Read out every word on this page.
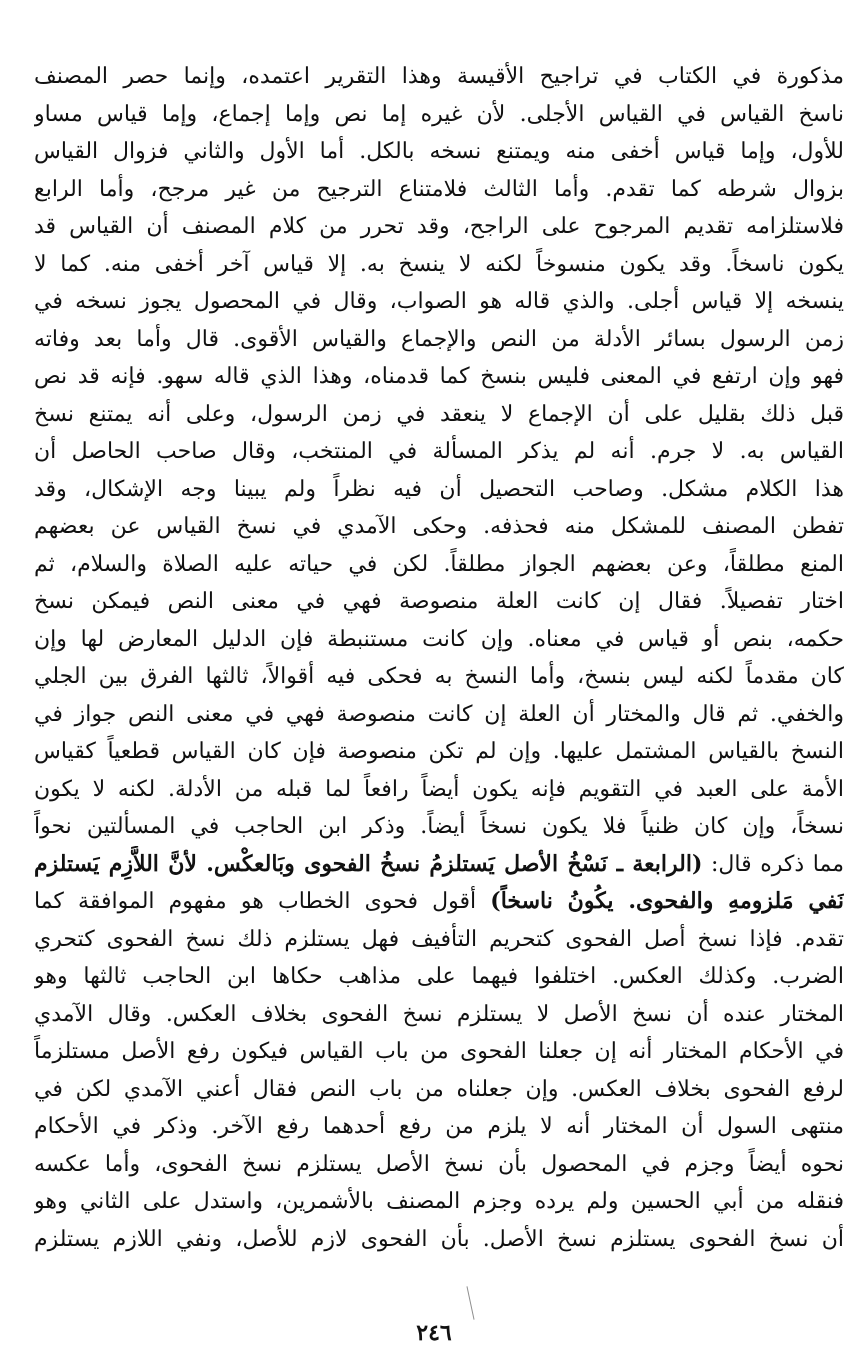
مذكورة في الكتاب في تراجيح الأقيسة وهذا التقرير اعتمده، وإنما حصر المصنف
ناسخ القياس في القياس الأجلى. لأن غيره إما نص وإما إجماع، وإما قياس مساو
للأول، وإما قياس أخفى منه ويمتنع نسخه بالكل. أما الأول والثاني فزوال القياس
بزوال شرطه كما تقدم. وأما الثالث فلامتناع الترجيح من غير مرجح، وأما الرابع
فلاستلزامه تقديم المرجوح على الراجح، وقد تحرر من كلام المصنف أن القياس قد
يكون ناسخاً. وقد يكون منسوخاً لكنه لا ينسخ به. إلا قياس آخر أخفى منه. كما لا
ينسخه إلا قياس أجلى. والذي قاله هو الصواب، وقال في المحصول يجوز نسخه في
زمن الرسول بسائر الأدلة من النص والإجماع والقياس الأقوى. قال وأما بعد وفاته
فهو وإن ارتفع في المعنى فليس بنسخ كما قدمناه، وهذا الذي قاله سهو. فإنه قد نص
قبل ذلك بقليل على أن الإجماع لا ينعقد في زمن الرسول، وعلى أنه يمتنع نسخ
القياس به. لا جرم. أنه لم يذكر المسألة في المنتخب، وقال صاحب الحاصل أن
هذا الكلام مشكل. وصاحب التحصيل أن فيه نظراً ولم يبينا وجه الإشكال، وقد
تفطن المصنف للمشكل منه فحذفه. وحكى الآمدي في نسخ القياس عن بعضهم
المنع مطلقاً، وعن بعضهم الجواز مطلقاً. لكن في حياته عليه الصلاة والسلام، ثم
اختار تفصيلاً. فقال إن كانت العلة منصوصة فهي في معنى النص فيمكن نسخ
حكمه، بنص أو قياس في معناه. وإن كانت مستنبطة فإن الدليل المعارض لها وإن
كان مقدماً لكنه ليس بنسخ، وأما النسخ به فحكى فيه أقوالاً، ثالثها الفرق بين الجلي
والخفي. ثم قال والمختار أن العلة إن كانت منصوصة فهي في معنى النص جواز في
النسخ بالقياس المشتمل عليها. وإن لم تكن منصوصة فإن كان القياس قطعياً كقياس
الأمة على العبد في التقويم فإنه يكون أيضاً رافعاً لما قبله من الأدلة. لكنه لا يكون
نسخاً، وإن كان ظنياً فلا يكون نسخاً أيضاً. وذكر ابن الحاجب في المسألتين نحواً
مما ذكره قال: (الرابعة ـ نَسْخُ الأصل يَستلزمُ نسخُ الفحوى وبَالعكْس. لأنَّ اللاَّزِم يَستلزم
نَفي مَلزومهِ والفحوى. يكُونُ ناسخاً) أقول فحوى الخطاب هو مفهوم الموافقة كما
تقدم. فإذا نسخ أصل الفحوى كتحريم التأفيف فهل يستلزم ذلك نسخ الفحوى كتحري
الضرب. وكذلك العكس. اختلفوا فيهما على مذاهب حكاها ابن الحاجب ثالثها وهو
المختار عنده أن نسخ الأصل لا يستلزم نسخ الفحوى بخلاف العكس. وقال الآمدي
في الأحكام المختار أنه إن جعلنا الفحوى من باب القياس فيكون رفع الأصل مستلزماً
لرفع الفحوى بخلاف العكس. وإن جعلناه من باب النص فقال أعني الآمدي لكن في
منتهى السول أن المختار أنه لا يلزم من رفع أحدهما رفع الآخر. وذكر في الأحكام
نحوه أيضاً وجزم في المحصول بأن نسخ الأصل يستلزم نسخ الفحوى، وأما عكسه
فنقله من أبي الحسين ولم يرده وجزم المصنف بالأشمرين، واستدل على الثاني وهو
أن نسخ الفحوى يستلزم نسخ الأصل. بأن الفحوى لازم للأصل، ونفي اللازم يستلزم
٢٤٦
